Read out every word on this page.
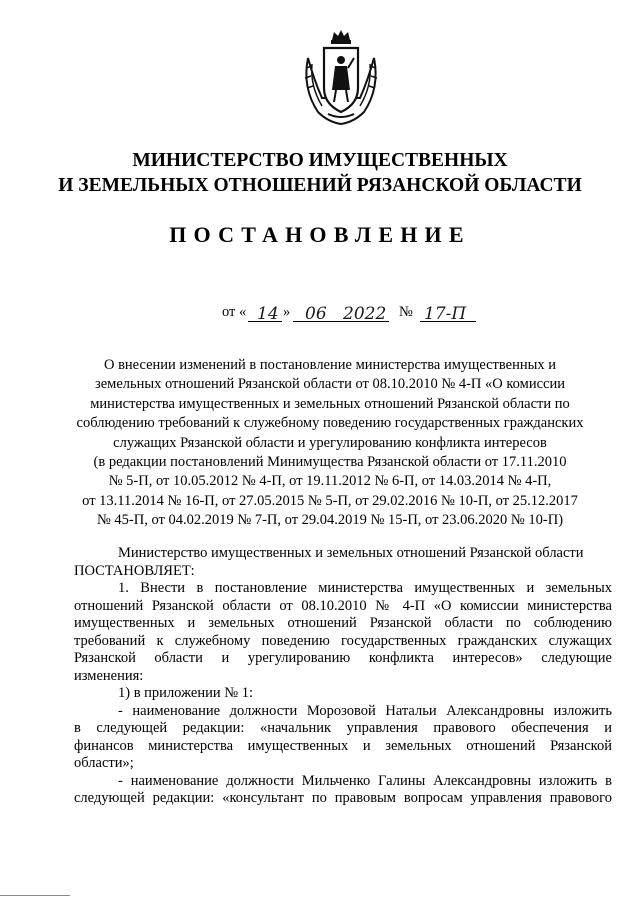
МИНИСТЕРСТВО ИМУЩЕСТВЕННЫХ
И ЗЕМЕЛЬНЫХ ОТНОШЕНИЙ РЯЗАНСКОЙ ОБЛАСТИ
ПОСТАНОВЛЕНИЕ
от « 14 » 06 2022 № 17-П
О внесении изменений в постановление министерства имущественных и
земельных отношений Рязанской области от 08.10.2010 № 4-П «О комиссии
министерства имущественных и земельных отношений Рязанской области по
соблюдению требований к служебному поведению государственных гражданских
служащих Рязанской области и урегулированию конфликта интересов
(в редакции постановлений Минимущества Рязанской области от 17.11.2010
№ 5-П, от 10.05.2012 № 4-П, от 19.11.2012 № 6-П, от 14.03.2014 № 4-П,
от 13.11.2014 № 16-П, от 27.05.2015 № 5-П, от 29.02.2016 № 10-П, от 25.12.2017
№ 45-П, от 04.02.2019 № 7-П, от 29.04.2019 № 15-П, от 23.06.2020 № 10-П)
Министерство имущественных и земельных отношений Рязанской области
ПОСТАНОВЛЯЕТ:
1. Внести в постановление министерства имущественных и земельных
отношений Рязанской области от 08.10.2010 № 4-П «О комиссии министерства
имущественных и земельных отношений Рязанской области по соблюдению
требований к служебному поведению государственных гражданских служащих
Рязанской области и урегулированию конфликта интересов» следующие
изменения:
1) в приложении № 1:
- наименование должности Морозовой Натальи Александровны изложить
в следующей редакции: «начальник управления правового обеспечения и
финансов министерства имущественных и земельных отношений Рязанской
области»;
- наименование должности Мильченко Галины Александровны изложить в
следующей редакции: «консультант по правовым вопросам управления правового
